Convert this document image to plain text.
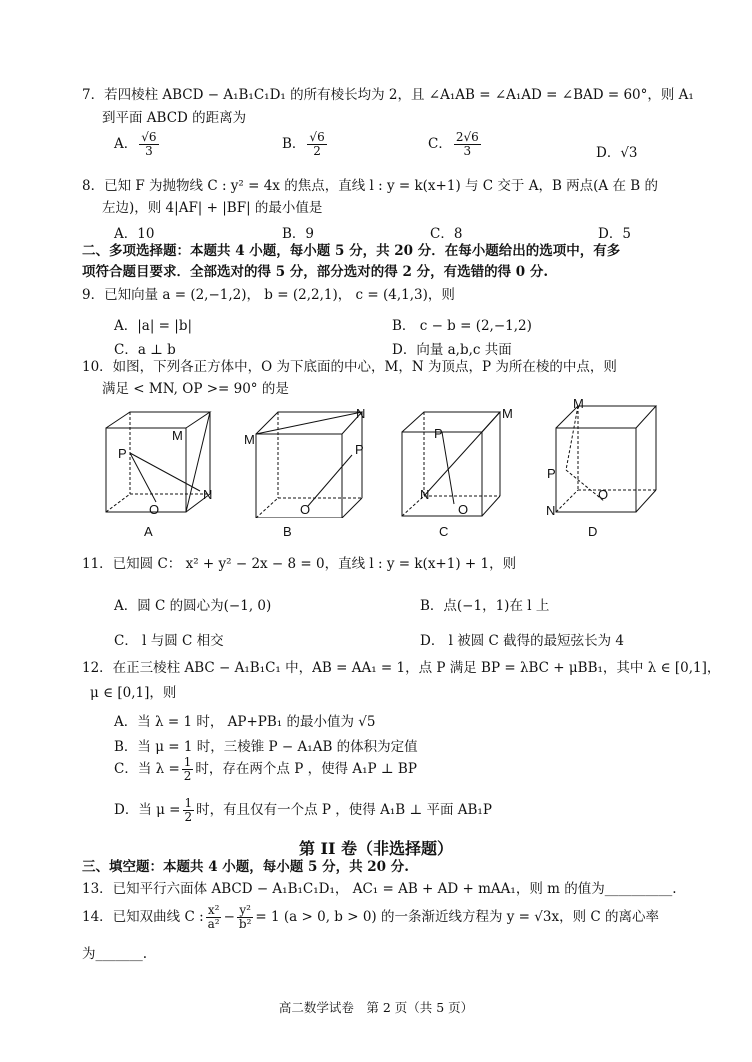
7．若四棱柱 ABCD − A₁B₁C₁D₁ 的所有棱长均为 2，且 ∠A₁AB = ∠A₁AD = ∠BAD = 60°，则 A₁
到平面 ABCD 的距离为
A． $\frac{√6}{3}$	B． $\frac{√6}{2}$	C． $\frac{2√6}{3}$	D．√3
8．已知 F 为抛物线 C : y² = 4x 的焦点，直线 l : y = k(x+1) 与 C 交于 A，B 两点(A 在 B 的
左边)，则 4|AF| + |BF| 的最小值是
A．10	B．9	C．8	D．5
二、多项选择题：本题共 4 小题，每小题 5 分，共 20 分．在每小题给出的选项中，有多
项符合题目要求．全部选对的得 5 分，部分选对的得 2 分，有选错的得 0 分.
9．已知向量 a = (2,−1,2)， b = (2,2,1)， c = (4,1,3)，则
A．|a| = |b|	B． c − b = (2,−1,2)
C．a ⊥ b	D．向量 a,b,c 共面
10．如图，下列各正方体中，O 为下底面的中心，M，N 为顶点，P 为所在棱的中点，则
满足 < MN, OP >= 90° 的是
M
P
N
O
A
M
N
P
O
B
M
P
N
O
C
M
P
N
O
D
11．已知圆 C： x² + y² − 2x − 8 = 0，直线 l : y = k(x+1) + 1，则
A．圆 C 的圆心为(−1, 0)	B．点(−1，1)在 l 上
C． l 与圆 C 相交	D． l 被圆 C 截得的最短弦长为 4
12．在正三棱柱 ABC − A₁B₁C₁ 中，AB = AA₁ = 1，点 P 满足 BP = λBC + μBB₁，其中 λ ∈ [0,1]，
μ ∈ [0,1]，则
A．当 λ = 1 时， AP+PB₁ 的最小值为 √5
B．当 μ = 1 时，三棱锥 P − A₁AB 的体积为定值
C．当 $\lambda = \frac{1}{2}$ 时，存在两个点 P ，使得 A₁P ⊥ BP
D．当 $\mu = \frac{1}{2}$ 时，有且仅有一个点 P ，使得 A₁B ⊥ 平面 AB₁P
第 II 卷（非选择题）
三、填空题：本题共 4 小题，每小题 5 分，共 20 分.
13．已知平行六面体 ABCD − A₁B₁C₁D₁， AC₁ = AB + AD + mAA₁，则 m 的值为__________.
14．已知双曲线 C : $\frac{\text{x²}}{\text{a²}} - \frac{\text{y²}}{\text{b²}} = 1$ (a > 0, b > 0) 的一条渐近线方程为 y = √3x，则 C 的离心率
为_______.
高二数学试卷　第 2 页（共 5 页）
